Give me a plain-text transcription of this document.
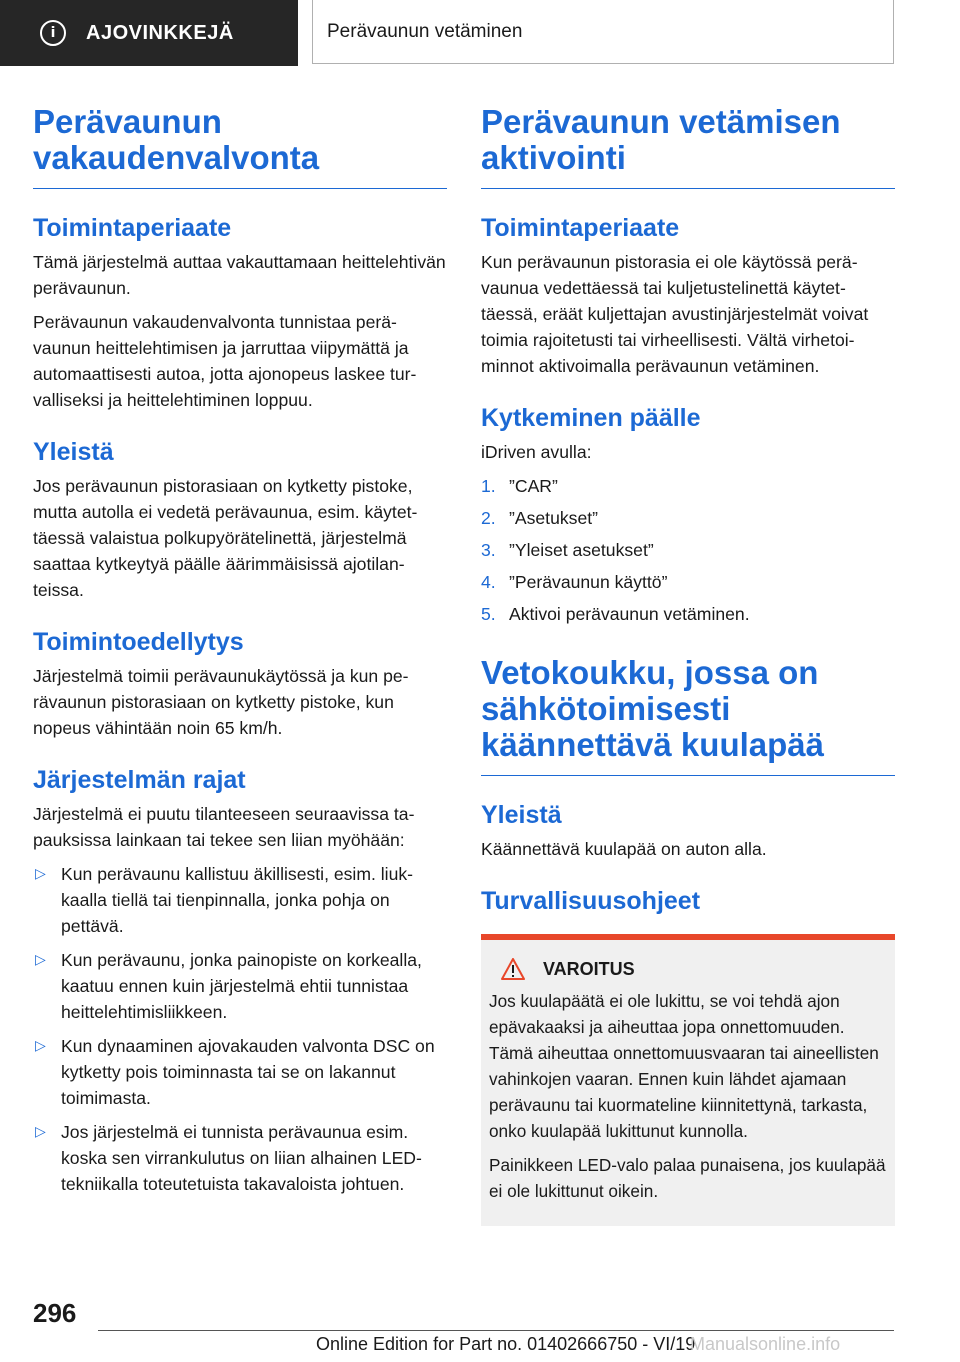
i	AJOVINKKEJÄ	Perävaunun vetäminen
Perävaunun vakaudenvalvonta
Toimintaperiaate

Tämä järjestelmä auttaa vakauttamaan heittelehtivän perävaunun.

Perävaunun vakaudenvalvonta tunnistaa perävaunun heittelehtimisen ja jarruttaa viipymättä ja automaattisesti autoa, jotta ajonopeus laskee turvalliseksi ja heittelehtiminen loppuu.

Yleistä

Jos perävaunun pistorasiaan on kytketty pistoke, mutta autolla ei vedetä perävaunua, esim. käytettäessä valaistua polkupyörätelinettä, järjestelmä saattaa kytkeytyä päälle äärimmäisissä ajotilanteissa.

Toimintoedellytys

Järjestelmä toimii perävaunukäytössä ja kun perävaunun pistorasiaan on kytketty pistoke, kun nopeus vähintään noin 65 km/h.

Järjestelmän rajat

Järjestelmä ei puutu tilanteeseen seuraavissa tapauksissa lainkaan tai tekee sen liian myöhään:

▷ Kun perävaunu kallistuu äkillisesti, esim. liukkaalla tiellä tai tienpinnalla, jonka pohja on pettävä.
▷ Kun perävaunu, jonka painopiste on korkealla, kaatuu ennen kuin järjestelmä ehtii tunnistaa heittelehtimisliikkeen.
▷ Kun dynaaminen ajovakauden valvonta DSC on kytketty pois toiminnasta tai se on lakannut toimimasta.
▷ Jos järjestelmä ei tunnista perävaunua esim. koska sen virrankulutus on liian alhainen LED-tekniikalla toteutetuista takavaloista johtuen.
Perävaunun vetämisen aktivointi
Toimintaperiaate

Kun perävaunun pistorasia ei ole käytössä perävaunua vedettäessä tai kuljetustelinettä käytettäessä, eräät kuljettajan avustinjärjestelmät voivat toimia rajoitetusti tai virheellisesti. Vältä virhetoiminnot aktivoimalla perävaunun vetäminen.

Kytkeminen päälle

iDriven avulla:

1. ”CAR”
2. ”Asetukset”
3. ”Yleiset asetukset”
4. ”Perävaunun käyttö”
5. Aktivoi perävaunun vetäminen.
Vetokoukku, jossa on sähkötoimisesti käännettävä kuulapää
Yleistä

Käännettävä kuulapää on auton alla.

Turvallisuusohjeet
VAROITUS

Jos kuulapäätä ei ole lukittu, se voi tehdä ajon epävakaaksi ja aiheuttaa jopa onnettomuuden. Tämä aiheuttaa onnettomuusvaaran tai aineellisten vahinkojen vaaran. Ennen kuin lähdet ajamaan perävaunu tai kuormateline kiinnitettynä, tarkasta, onko kuulapää lukittunut kunnolla.

Painikkeen LED-valo palaa punaisena, jos kuulapää ei ole lukittunut oikein.

296
Online Edition for Part no. 01402666750 - VI/19
Manualsonline.info
